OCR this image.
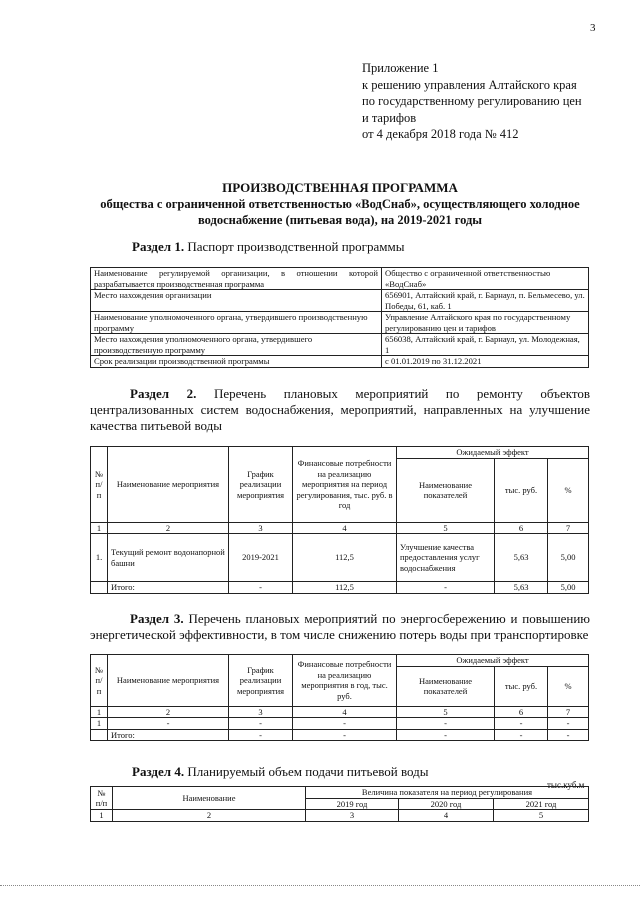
3
Приложение 1
к решению управления Алтайского края
по государственному регулированию цен
и тарифов
от 4 декабря 2018 года № 412
ПРОИЗВОДСТВЕННАЯ ПРОГРАММА
общества с ограниченной ответственностью «ВодСнаб», осуществляющего холодное
водоснабжение (питьевая вода), на 2019-2021 годы
Раздел 1. Паспорт производственной программы
Наименование регулируемой организации, в отношении которой разрабатывается производственная программа	Общество с ограниченной ответственностью «ВодСнаб»
Место нахождения организации	656901, Алтайский край, г. Барнаул, п. Бельмесево, ул. Победы, 61, каб. 1
Наименование уполномоченного органа, утвердившего производственную программу	Управление Алтайского края по государственному регулированию цен и тарифов
Место нахождения уполномоченного органа, утвердившего производственную программу	656038, Алтайский край, г. Барнаул, ул. Молодежная, 1
Срок реализации производственной программы	с 01.01.2019 по 31.12.2021
Раздел 2. Перечень плановых мероприятий по ремонту объектов централизованных систем водоснабжения, мероприятий, направленных на улучшение качества питьевой воды
№ п/п	Наименование мероприятия	График реализации мероприятия	Финансовые потребности на реализацию мероприятия на период регулирования, тыс. руб. в год	Ожидаемый эффект		
				Наименование показателей	тыс. руб.	%
1	2	3	4	5	6	7
1.	Текущий ремонт водонапорной башни	2019-2021	112,5	Улучшение качества предоставления услуг водоснабжения	5,63	5,00
	Итого:	-	112,5	-	5,63	5,00
Раздел 3. Перечень плановых мероприятий по энергосбережению и повышению энергетической эффективности, в том числе снижению потерь воды при транспортировке
№ п/п	Наименование мероприятия	График реализации мероприятия	Финансовые потребности на реализацию мероприятия в год, тыс. руб.	Ожидаемый эффект		
				Наименование показателей	тыс. руб.	%
1	2	3	4	5	6	7
1	-	-	-	-	-	-
	Итого:	-	-	-	-	-
Раздел 4. Планируемый объем подачи питьевой воды
тыс.куб.м
№ п/п	Наименование	Величина показателя на период регулирования		
		2019 год	2020 год	2021 год
1	2	3	4	5
